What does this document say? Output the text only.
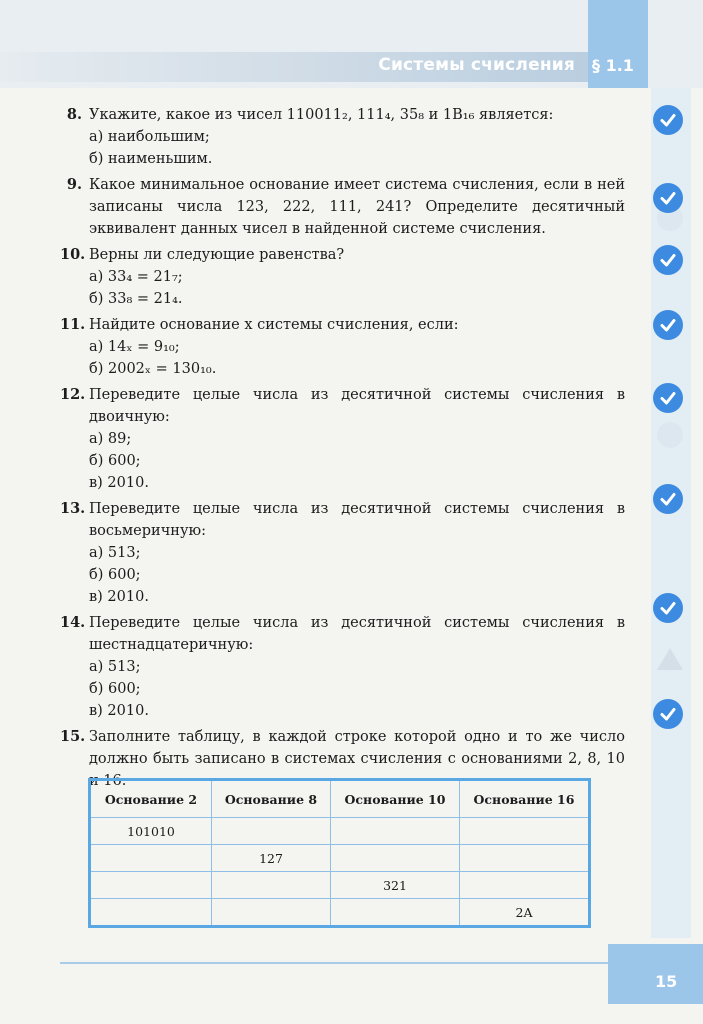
Системы счисления § 1.1
8. Укажите, какое из чисел 110011₂, 111₄, 35₈ и 1B₁₆ является:

а) наибольшим;

б) наименьшим.

9. Какое минимальное основание имеет система счисления, если в ней записаны числа 123, 222, 111, 241? Определите десятичный эквивалент данных чисел в найденной системе счисления.

10. Верны ли следующие равенства?

а) 33₄ = 21₇;

б) 33₈ = 21₄.

11. Найдите основание x системы счисления, если:

а) 14ₓ = 9₁₀;

б) 2002ₓ = 130₁₀.

12. Переведите целые числа из десятичной системы счисления в двоичную:

а) 89;

б) 600;

в) 2010.

13. Переведите целые числа из десятичной системы счисления в восьмеричную:

а) 513;

б) 600;

в) 2010.

14. Переведите целые числа из десятичной системы счисления в шестнадцатеричную:

а) 513;

б) 600;

в) 2010.

15. Заполните таблицу, в каждой строке которой одно и то же число должно быть записано в системах счисления с основаниями 2, 8, 10 и 16.

Основание 2	Основание 8	Основание 10	Основание 16
101010			
	127		
		321	
			2A
15
